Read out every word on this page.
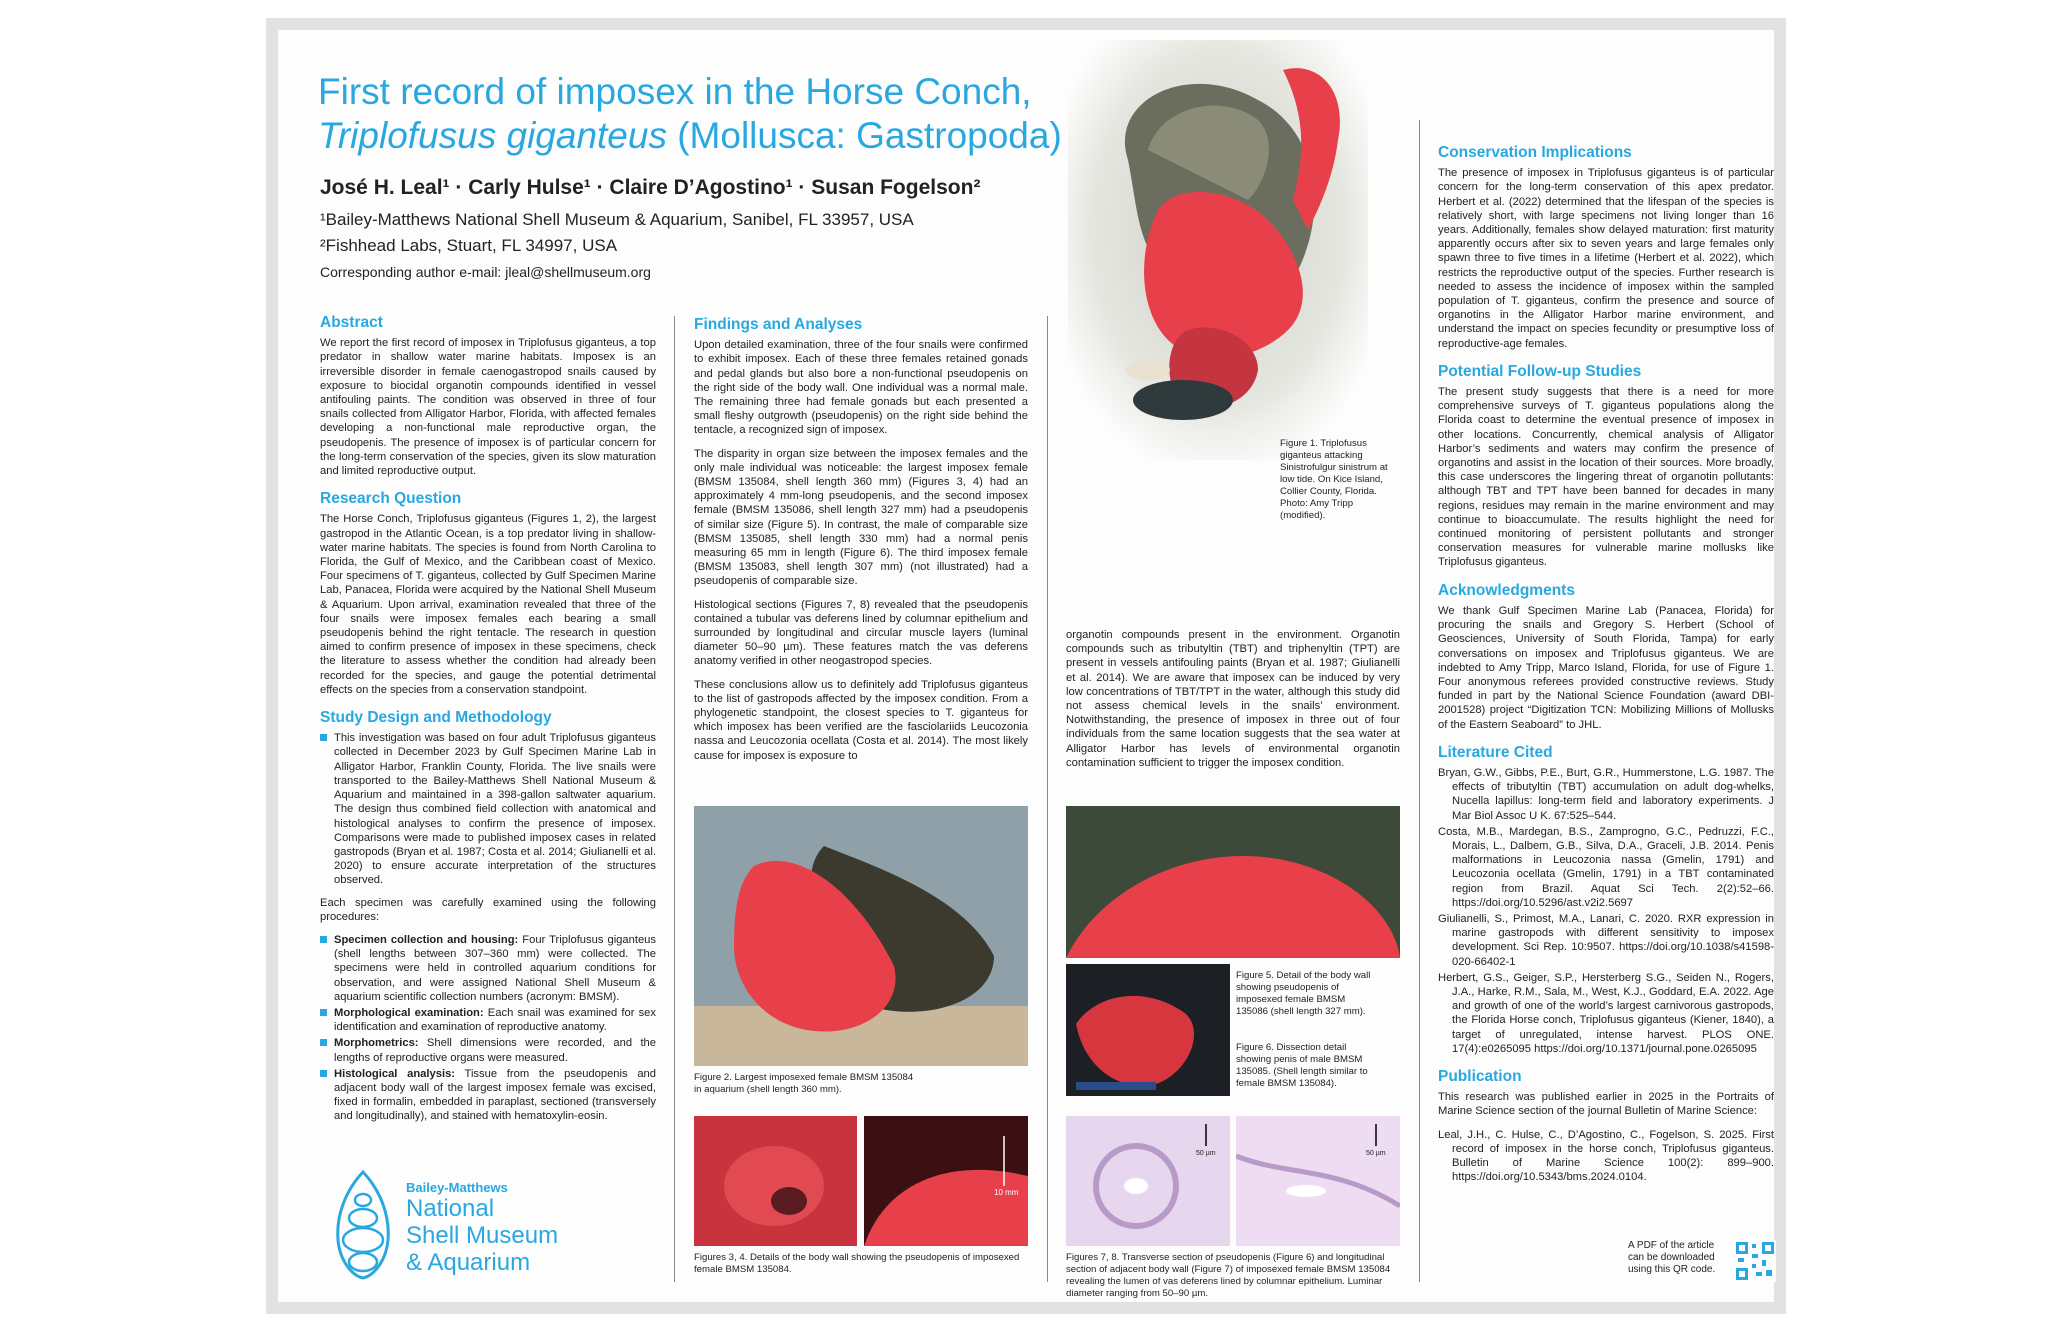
First record of imposex in the Horse Conch,
Triplofusus giganteus (Mollusca: Gastropoda)
José H. Leal¹ · Carly Hulse¹ · Claire D’Agostino¹ · Susan Fogelson²
¹Bailey-Matthews National Shell Museum & Aquarium, Sanibel, FL 33957, USA
²Fishhead Labs, Stuart, FL 34997, USA
Corresponding author e-mail: jleal@shellmuseum.org
Figure 1. Triplofusus giganteus attacking Sinistrofulgur sinistrum at low tide. On Kice Island, Collier County, Florida. Photo: Amy Tripp (modified).
Abstract

We report the first record of imposex in Triplofusus giganteus, a top predator in shallow water marine habitats. Imposex is an irreversible disorder in female caenogastropod snails caused by exposure to biocidal organotin compounds identified in vessel antifouling paints. The condition was observed in three of four snails collected from Alligator Harbor, Florida, with affected females developing a non-functional male reproductive organ, the pseudopenis. The presence of imposex is of particular concern for the long-term conservation of the species, given its slow maturation and limited reproductive output.

Research Question

The Horse Conch, Triplofusus giganteus (Figures 1, 2), the largest gastropod in the Atlantic Ocean, is a top predator living in shallow-water marine habitats. The species is found from North Carolina to Florida, the Gulf of Mexico, and the Caribbean coast of Mexico. Four specimens of T. giganteus, collected by Gulf Specimen Marine Lab, Panacea, Florida were acquired by the National Shell Museum & Aquarium. Upon arrival, examination revealed that three of the four snails were imposex females each bearing a small pseudopenis behind the right tentacle. The research in question aimed to confirm presence of imposex in these specimens, check the literature to assess whether the condition had already been recorded for the species, and gauge the potential detrimental effects on the species from a conservation standpoint.

Study Design and Methodology
This investigation was based on four adult Triplofusus giganteus collected in December 2023 by Gulf Specimen Marine Lab in Alligator Harbor, Franklin County, Florida. The live snails were transported to the Bailey-Matthews Shell National Museum & Aquarium and maintained in a 398-gallon saltwater aquarium. The design thus combined field collection with anatomical and histological analyses to confirm the presence of imposex. Comparisons were made to published imposex cases in related gastropods (Bryan et al. 1987; Costa et al. 2014; Giulianelli et al. 2020) to ensure accurate interpretation of the structures observed.

Each specimen was carefully examined using the following procedures:

Specimen collection and housing: Four Triplofusus giganteus (shell lengths between 307–360 mm) were collected. The specimens were held in controlled aquarium conditions for observation, and were assigned National Shell Museum & aquarium scientific collection numbers (acronym: BMSM).
Morphological examination: Each snail was examined for sex identification and examination of reproductive anatomy.
Morphometrics: Shell dimensions were recorded, and the lengths of reproductive organs were measured.
Histological analysis: Tissue from the pseudopenis and adjacent body wall of the largest imposex female was excised, fixed in formalin, embedded in paraplast, sectioned (transversely and longitudinally), and stained with hematoxylin-eosin.
Bailey-Matthews
National
Shell Museum
& Aquarium
Findings and Analyses

Upon detailed examination, three of the four snails were confirmed to exhibit imposex. Each of these three females retained gonads and pedal glands but also bore a non-functional pseudopenis on the right side of the body wall. One individual was a normal male. The remaining three had female gonads but each presented a small fleshy outgrowth (pseudopenis) on the right side behind the tentacle, a recognized sign of imposex.

The disparity in organ size between the imposex females and the only male individual was noticeable: the largest imposex female (BMSM 135084, shell length 360 mm) (Figures 3, 4) had an approximately 4 mm-long pseudopenis, and the second imposex female (BMSM 135086, shell length 327 mm) had a pseudopenis of similar size (Figure 5). In contrast, the male of comparable size (BMSM 135085, shell length 330 mm) had a normal penis measuring 65 mm in length (Figure 6). The third imposex female (BMSM 135083, shell length 307 mm) (not illustrated) had a pseudopenis of comparable size.

Histological sections (Figures 7, 8) revealed that the pseudopenis contained a tubular vas deferens lined by columnar epithelium and surrounded by longitudinal and circular muscle layers (luminal diameter 50–90 µm). These features match the vas deferens anatomy verified in other neogastropod species.

These conclusions allow us to definitely add Triplofusus giganteus to the list of gastropods affected by the imposex condition. From a phylogenetic standpoint, the closest species to T. giganteus for which imposex has been verified are the fasciolariids Leucozonia nassa and Leucozonia ocellata (Costa et al. 2014). The most likely cause for imposex is exposure to

organotin compounds present in the environment. Organotin compounds such as tributyltin (TBT) and triphenyltin (TPT) are present in vessels antifouling paints (Bryan et al. 1987; Giulianelli et al. 2014). We are aware that imposex can be induced by very low concentrations of TBT/TPT in the water, although this study did not assess chemical levels in the snails’ environment. Notwithstanding, the presence of imposex in three out of four individuals from the same location suggests that the sea water at Alligator Harbor has levels of environmental organotin contamination sufficient to trigger the imposex condition.

Figure 2. Largest imposexed female BMSM 135084 in aquarium (shell length 360 mm).
10 mm
Figures 3, 4. Details of the body wall showing the pseudopenis of imposexed female BMSM 135084.
Figure 5. Detail of the body wall showing pseudopenis of imposexed female BMSM 135086 (shell length 327 mm).
Figure 6. Dissection detail showing penis of male BMSM 135085. (Shell length similar to female BMSM 135084).
50 µm	50 µm
Figures 7, 8. Transverse section of pseudopenis (Figure 6) and longitudinal section of adjacent body wall (Figure 7) of imposexed female BMSM 135084 revealing the lumen of vas deferens lined by columnar epithelium. Luminar diameter ranging from 50–90 µm.
Conservation Implications

The presence of imposex in Triplofusus giganteus is of particular concern for the long-term conservation of this apex predator. Herbert et al. (2022) determined that the lifespan of the species is relatively short, with large specimens not living longer than 16 years. Additionally, females show delayed maturation: first maturity apparently occurs after six to seven years and large females only spawn three to five times in a lifetime (Herbert et al. 2022), which restricts the reproductive output of the species. Further research is needed to assess the incidence of imposex within the sampled population of T. giganteus, confirm the presence and source of organotins in the Alligator Harbor marine environment, and understand the impact on species fecundity or presumptive loss of reproductive-age females.

Potential Follow-up Studies

The present study suggests that there is a need for more comprehensive surveys of T. giganteus populations along the Florida coast to determine the eventual presence of imposex in other locations. Concurrently, chemical analysis of Alligator Harbor’s sediments and waters may confirm the presence of organotins and assist in the location of their sources. More broadly, this case underscores the lingering threat of organotin pollutants: although TBT and TPT have been banned for decades in many regions, residues may remain in the marine environment and may continue to bioaccumulate. The results highlight the need for continued monitoring of persistent pollutants and stronger conservation measures for vulnerable marine mollusks like Triplofusus giganteus.

Acknowledgments

We thank Gulf Specimen Marine Lab (Panacea, Florida) for procuring the snails and Gregory S. Herbert (School of Geosciences, University of South Florida, Tampa) for early conversations on imposex and Triplofusus giganteus. We are indebted to Amy Tripp, Marco Island, Florida, for use of Figure 1. Four anonymous referees provided constructive reviews. Study funded in part by the National Science Foundation (award DBI-2001528) project “Digitization TCN: Mobilizing Millions of Mollusks of the Eastern Seaboard” to JHL.

Literature Cited
Bryan, G.W., Gibbs, P.E., Burt, G.R., Hummerstone, L.G. 1987. The effects of tributyltin (TBT) accumulation on adult dog-whelks, Nucella lapillus: long-term field and laboratory experiments. J Mar Biol Assoc U K. 67:525–544.
Costa, M.B., Mardegan, B.S., Zamprogno, G.C., Pedruzzi, F.C., Morais, L., Dalbem, G.B., Silva, D.A., Graceli, J.B. 2014. Penis malformations in Leucozonia nassa (Gmelin, 1791) and Leucozonia ocellata (Gmelin, 1791) in a TBT contaminated region from Brazil. Aquat Sci Tech. 2(2):52–66. https://doi.org/10.5296/ast.v2i2.5697
Giulianelli, S., Primost, M.A., Lanari, C. 2020. RXR expression in marine gastropods with different sensitivity to imposex development. Sci Rep. 10:9507. https://doi.org/10.1038/s41598-020-66402-1
Herbert, G.S., Geiger, S.P., Hersterberg S.G., Seiden N., Rogers, J.A., Harke, R.M., Sala, M., West, K.J., Goddard, E.A. 2022. Age and growth of one of the world’s largest carnivorous gastropods, the Florida Horse conch, Triplofusus giganteus (Kiener, 1840), a target of unregulated, intense harvest. PLOS ONE. 17(4):e0265095 https://doi.org/10.1371/journal.pone.0265095
Publication

This research was published earlier in 2025 in the Portraits of Marine Science section of the journal Bulletin of Marine Science:

Leal, J.H., C. Hulse, C., D’Agostino, C., Fogelson, S. 2025. First record of imposex in the horse conch, Triplofusus giganteus. Bulletin of Marine Science 100(2): 899–900. https://doi.org/10.5343/bms.2024.0104.
A PDF of the article can be downloaded using this QR code.
